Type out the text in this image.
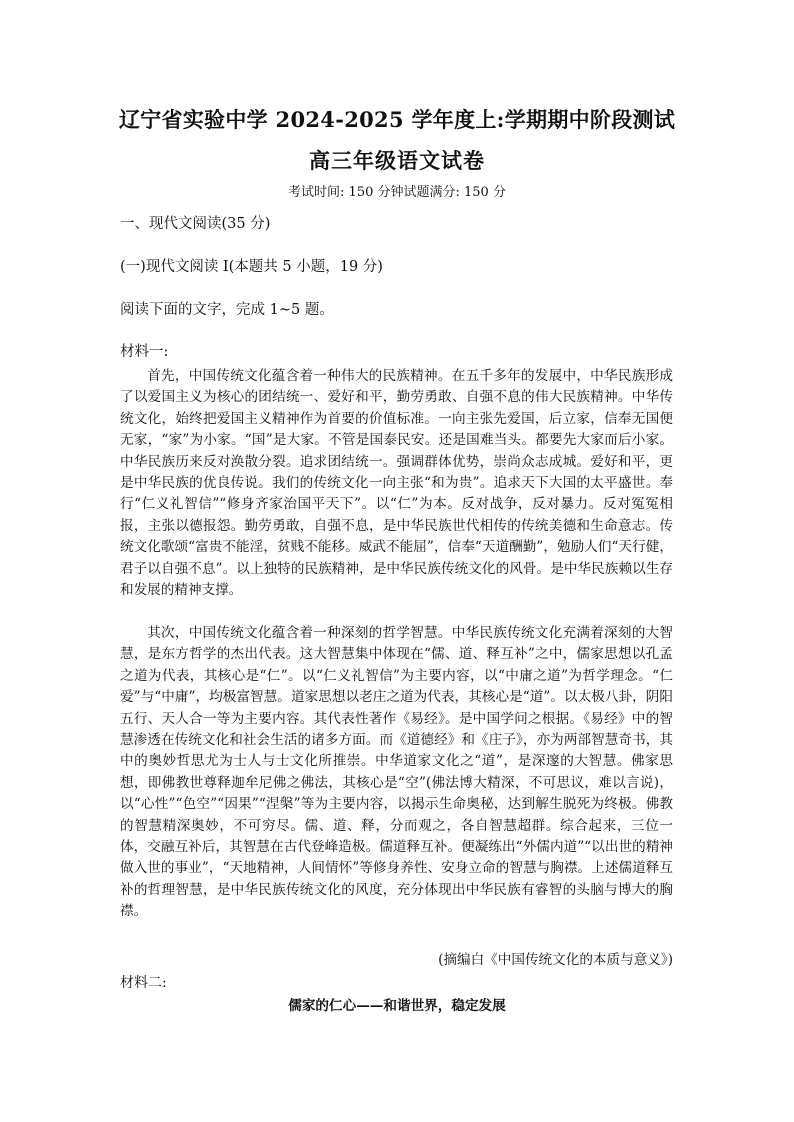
辽宁省实验中学 2024-2025 学年度上:学期期中阶段测试
高三年级语文试卷
考试时间: 150 分钟试题满分: 150 分
一、现代文阅读(35 分)
(一)现代文阅读 I(本题共 5 小题，19 分)
阅读下面的文字，完成 1~5 题。
材料一:

首先，中国传统文化蕴含着一种伟大的民族精神。在五千多年的发展中，中华民族形成了以爱国主义为核心的团结统一、爱好和平，勤劳勇敢、自强不息的伟大民族精神。中华传统文化，始终把爱国主义精神作为首要的价值标准。一向主张先爱国，后立家，信奉无国便无家，“家”为小家。“国”是大家。不管是国泰民安。还是国难当头。都要先大家而后小家。中华民族历来反对涣散分裂。追求团结统一。强调群体优势，崇尚众志成城。爱好和平，更是中华民族的优良传说。我们的传统文化一向主张“和为贵”。追求天下大国的太平盛世。奉行“仁义礼智信”“修身齐家治国平天下”。以“仁”为本。反对战争，反对暴力。反对冤冤相报，主张以德报怨。勤劳勇敢，自强不息，是中华民族世代相传的传统美德和生命意志。传统文化歌颂“富贵不能淫，贫贱不能移。威武不能屈”，信奉“天道酬勤”，勉励人们“天行健，君子以自强不息”。以上独特的民族精神，是中华民族传统文化的风骨。是中华民族赖以生存和发展的精神支撑。

其次，中国传统文化蕴含着一种深刻的哲学智慧。中华民族传统文化充满着深刻的大智慧，是东方哲学的杰出代表。这大智慧集中体现在“儒、道、释互补”之中，儒家思想以孔孟之道为代表，其核心是“仁”。以“仁义礼智信”为主要内容，以“中庸之道”为哲学理念。“仁爱”与“中庸”，均极富智慧。道家思想以老庄之道为代表，其核心是“道”。以太极八卦，阴阳五行、天人合一等为主要内容。其代表性著作《易经》。是中国学问之根据。《易经》中的智慧渗透在传统文化和社会生活的诸多方面。而《道德经》和《庄子》，亦为两部智慧奇书，其中的奥妙哲思尤为士人与士文化所推崇。中华道家文化之“道”，是深邃的大智慧。佛家思想，即佛教世尊释迦牟尼佛之佛法，其核心是“空”(佛法博大精深，不可思议，难以言说)，以“心性”“色空”“因果”“涅槃”等为主要内容，以揭示生命奥秘，达到解生脱死为终极。佛教的智慧精深奥妙，不可穷尽。儒、道、释，分而观之，各自智慧超群。综合起来，三位一体，交融互补后，其智慧在古代登峰造极。儒道释互补。便凝练出“外儒内道”“以出世的精神做入世的事业”，“天地精神，人间情怀”等修身养性、安身立命的智慧与胸襟。上述儒道释互补的哲理智慧，是中华民族传统文化的风度，充分体现出中华民族有睿智的头脑与博大的胸襟。

(摘编白《中国传统文化的本质与意义》)
材料二:
儒家的仁心——和谐世界，稳定发展
